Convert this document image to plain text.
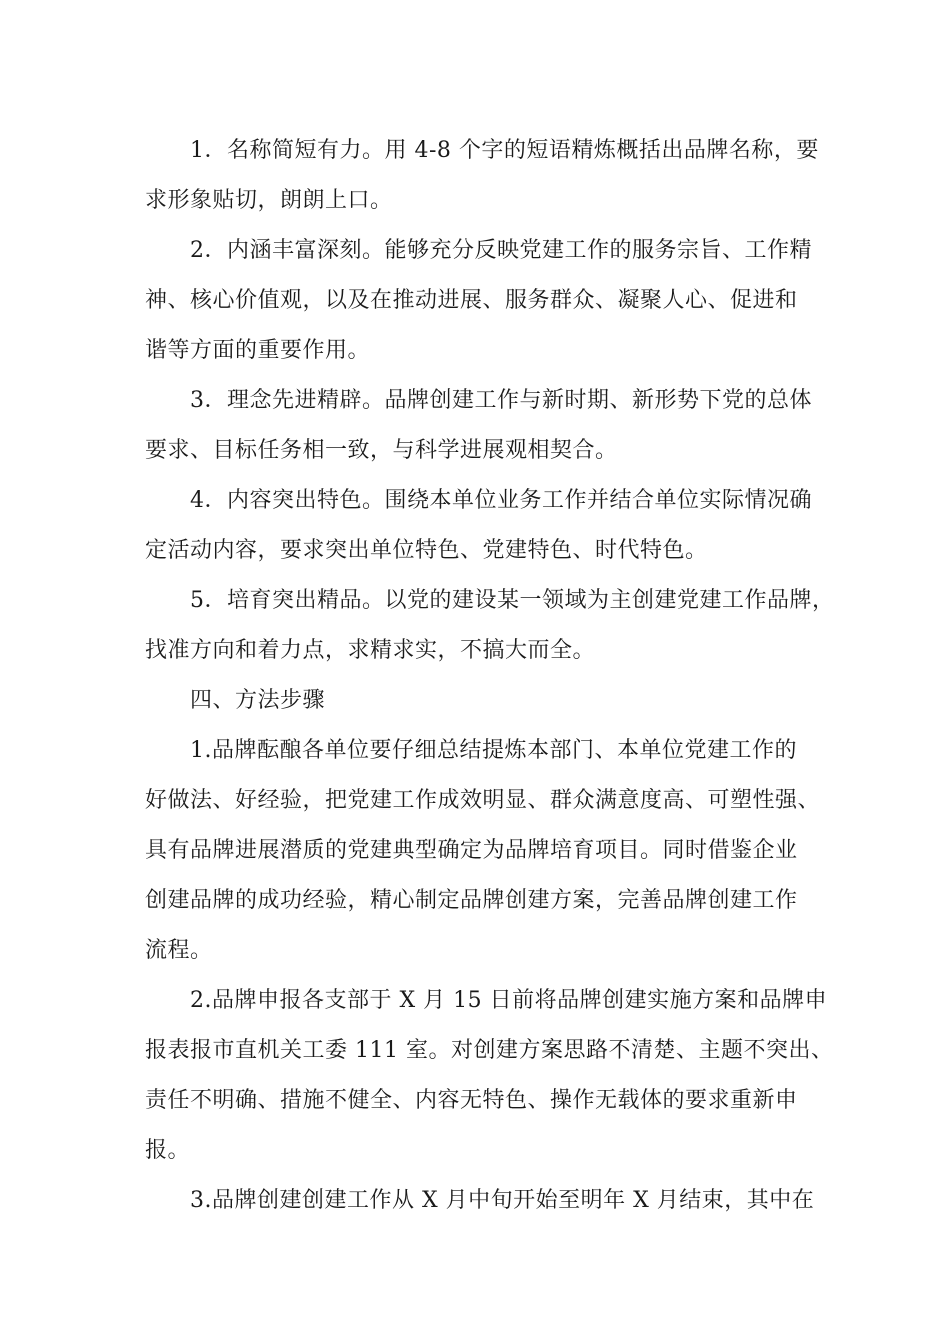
1．名称简短有力。用 4-8 个字的短语精炼概括出品牌名称，要
求形象贴切，朗朗上口。
2．内涵丰富深刻。能够充分反映党建工作的服务宗旨、工作精
神、核心价值观，以及在推动进展、服务群众、凝聚人心、促进和
谐等方面的重要作用。
3．理念先进精辟。品牌创建工作与新时期、新形势下党的总体
要求、目标任务相一致，与科学进展观相契合。
4．内容突出特色。围绕本单位业务工作并结合单位实际情况确
定活动内容，要求突出单位特色、党建特色、时代特色。
5．培育突出精品。以党的建设某一领域为主创建党建工作品牌，
找准方向和着力点，求精求实，不搞大而全。
四、方法步骤
1.品牌酝酿各单位要仔细总结提炼本部门、本单位党建工作的
好做法、好经验，把党建工作成效明显、群众满意度高、可塑性强、
具有品牌进展潜质的党建典型确定为品牌培育项目。同时借鉴企业
创建品牌的成功经验，精心制定品牌创建方案，完善品牌创建工作
流程。
2.品牌申报各支部于 X 月 15 日前将品牌创建实施方案和品牌申
报表报市直机关工委 111 室。对创建方案思路不清楚、主题不突出、
责任不明确、措施不健全、内容无特色、操作无载体的要求重新申
报。
3.品牌创建创建工作从 X 月中旬开始至明年 X 月结束，其中在
